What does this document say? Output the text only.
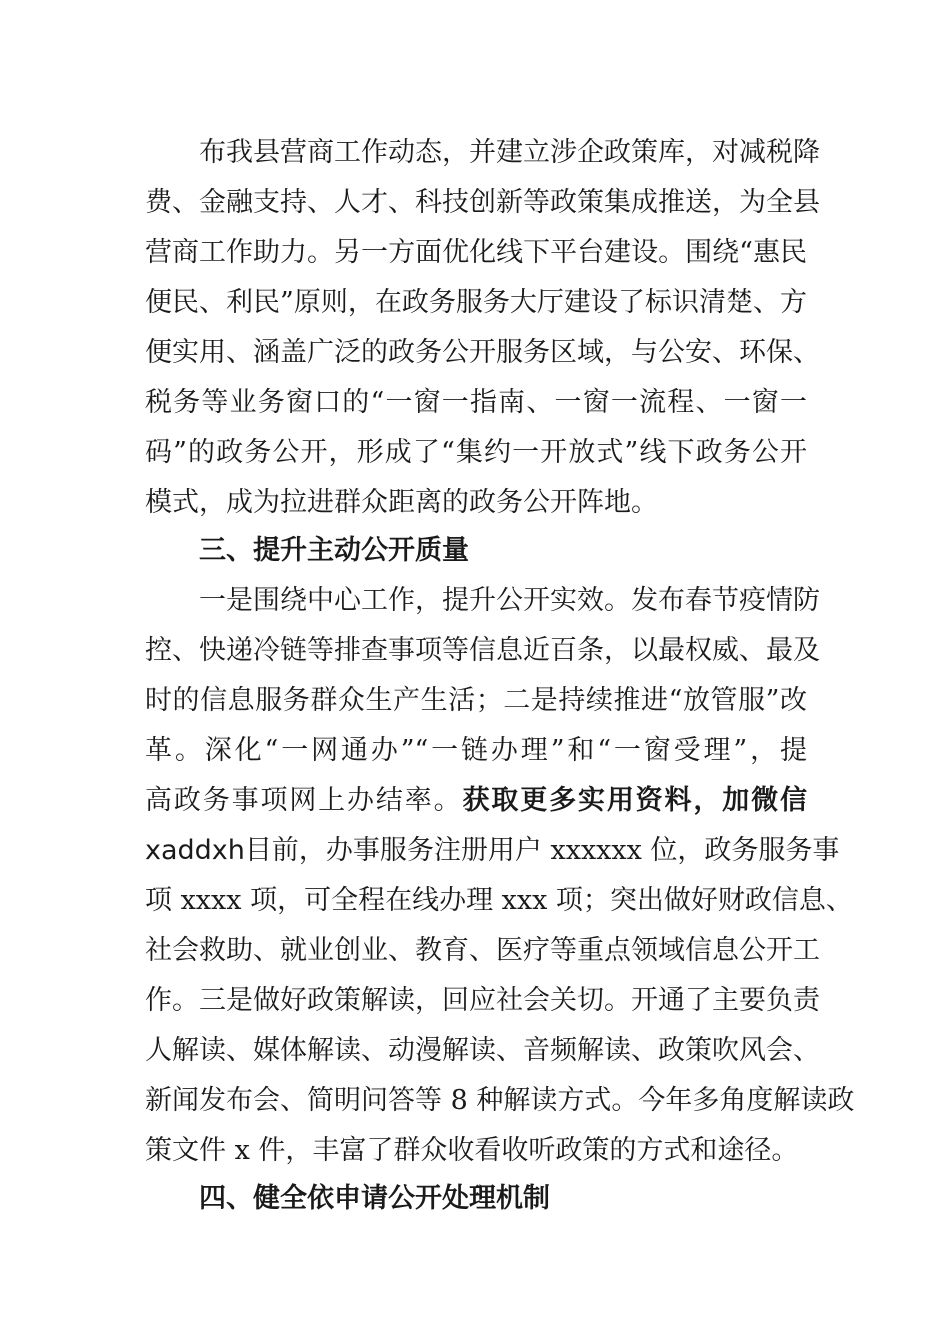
布我县营商工作动态，并建立涉企政策库，对减税降
费、金融支持、人才、科技创新等政策集成推送，为全县
营商工作助力。另一方面优化线下平台建设。围绕“惠民
便民、利民”原则，在政务服务大厅建设了标识清楚、方
便实用、涵盖广泛的政务公开服务区域，与公安、环保、
税务等业务窗口的“一窗一指南、一窗一流程、一窗一
码”的政务公开，形成了“集约一开放式”线下政务公开
模式，成为拉进群众距离的政务公开阵地。
三、提升主动公开质量
一是围绕中心工作，提升公开实效。发布春节疫情防
控、快递冷链等排查事项等信息近百条，以最权威、最及
时的信息服务群众生产生活；二是持续推进“放管服”改
革。深化“一网通办”“一链办理”和“一窗受理”，提
高政务事项网上办结率。获取更多实用资料，加微信
xaddxh目前，办事服务注册用户 xxxxxx 位，政务服务事
项 xxxx 项，可全程在线办理 xxx 项；突出做好财政信息、
社会救助、就业创业、教育、医疗等重点领域信息公开工
作。三是做好政策解读，回应社会关切。开通了主要负责
人解读、媒体解读、动漫解读、音频解读、政策吹风会、
新闻发布会、简明问答等 8 种解读方式。今年多角度解读政
策文件 x 件，丰富了群众收看收听政策的方式和途径。
四、健全依申请公开处理机制
